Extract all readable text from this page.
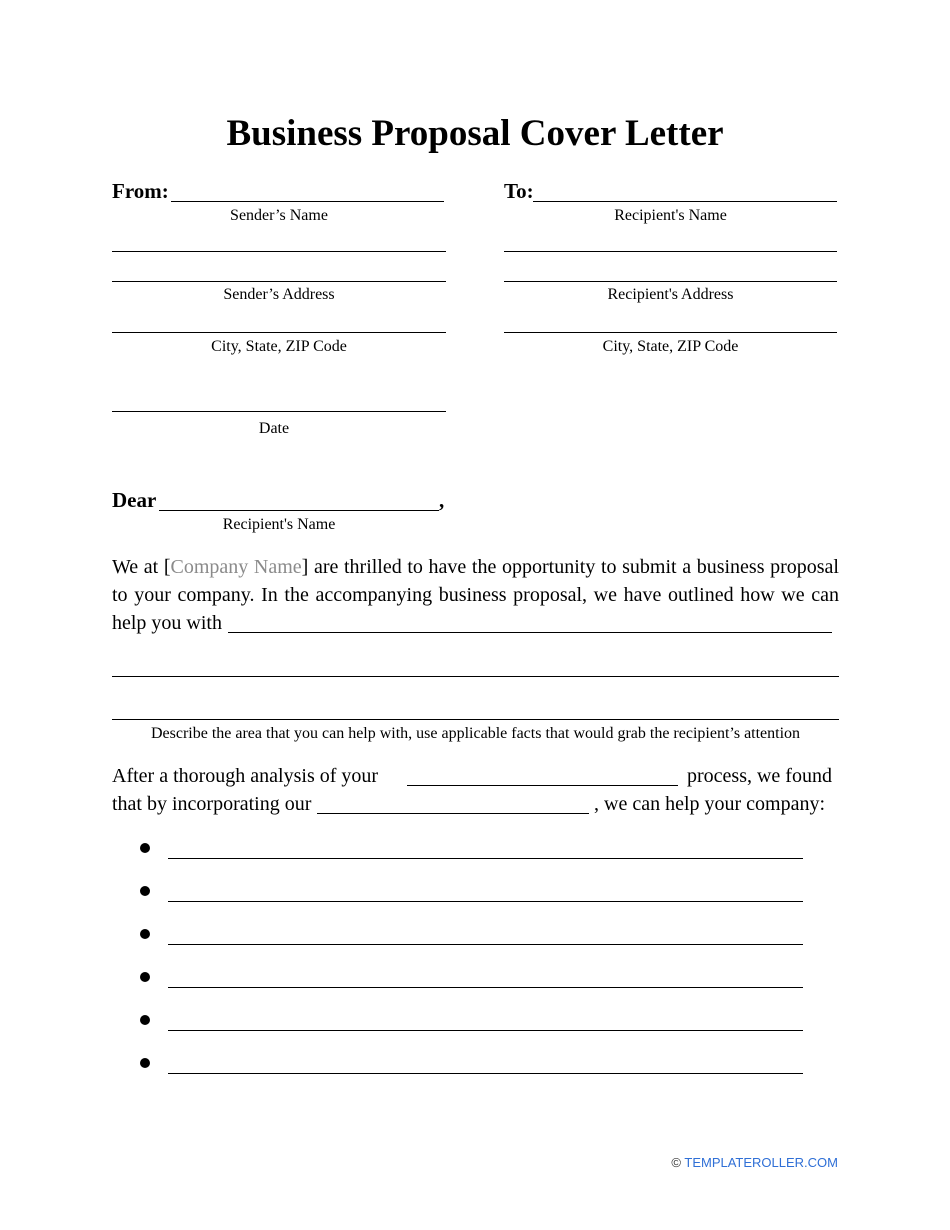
Business Proposal Cover Letter
From:
Sender’s Name
Sender’s Address
City, State, ZIP Code
Date
To:
Recipient's Name
Recipient's Address
City, State, ZIP Code
Dear	,
Recipient's Name
We at [Company Name] are thrilled to have the opportunity to submit a business proposal
to your company. In the accompanying business proposal, we have outlined how we can
help you with
Describe the area that you can help with, use applicable facts that would grab the recipient’s attention
After a thorough analysis of your	process, we found
that by incorporating our	, we can help your company:
© TEMPLATEROLLER.COM
